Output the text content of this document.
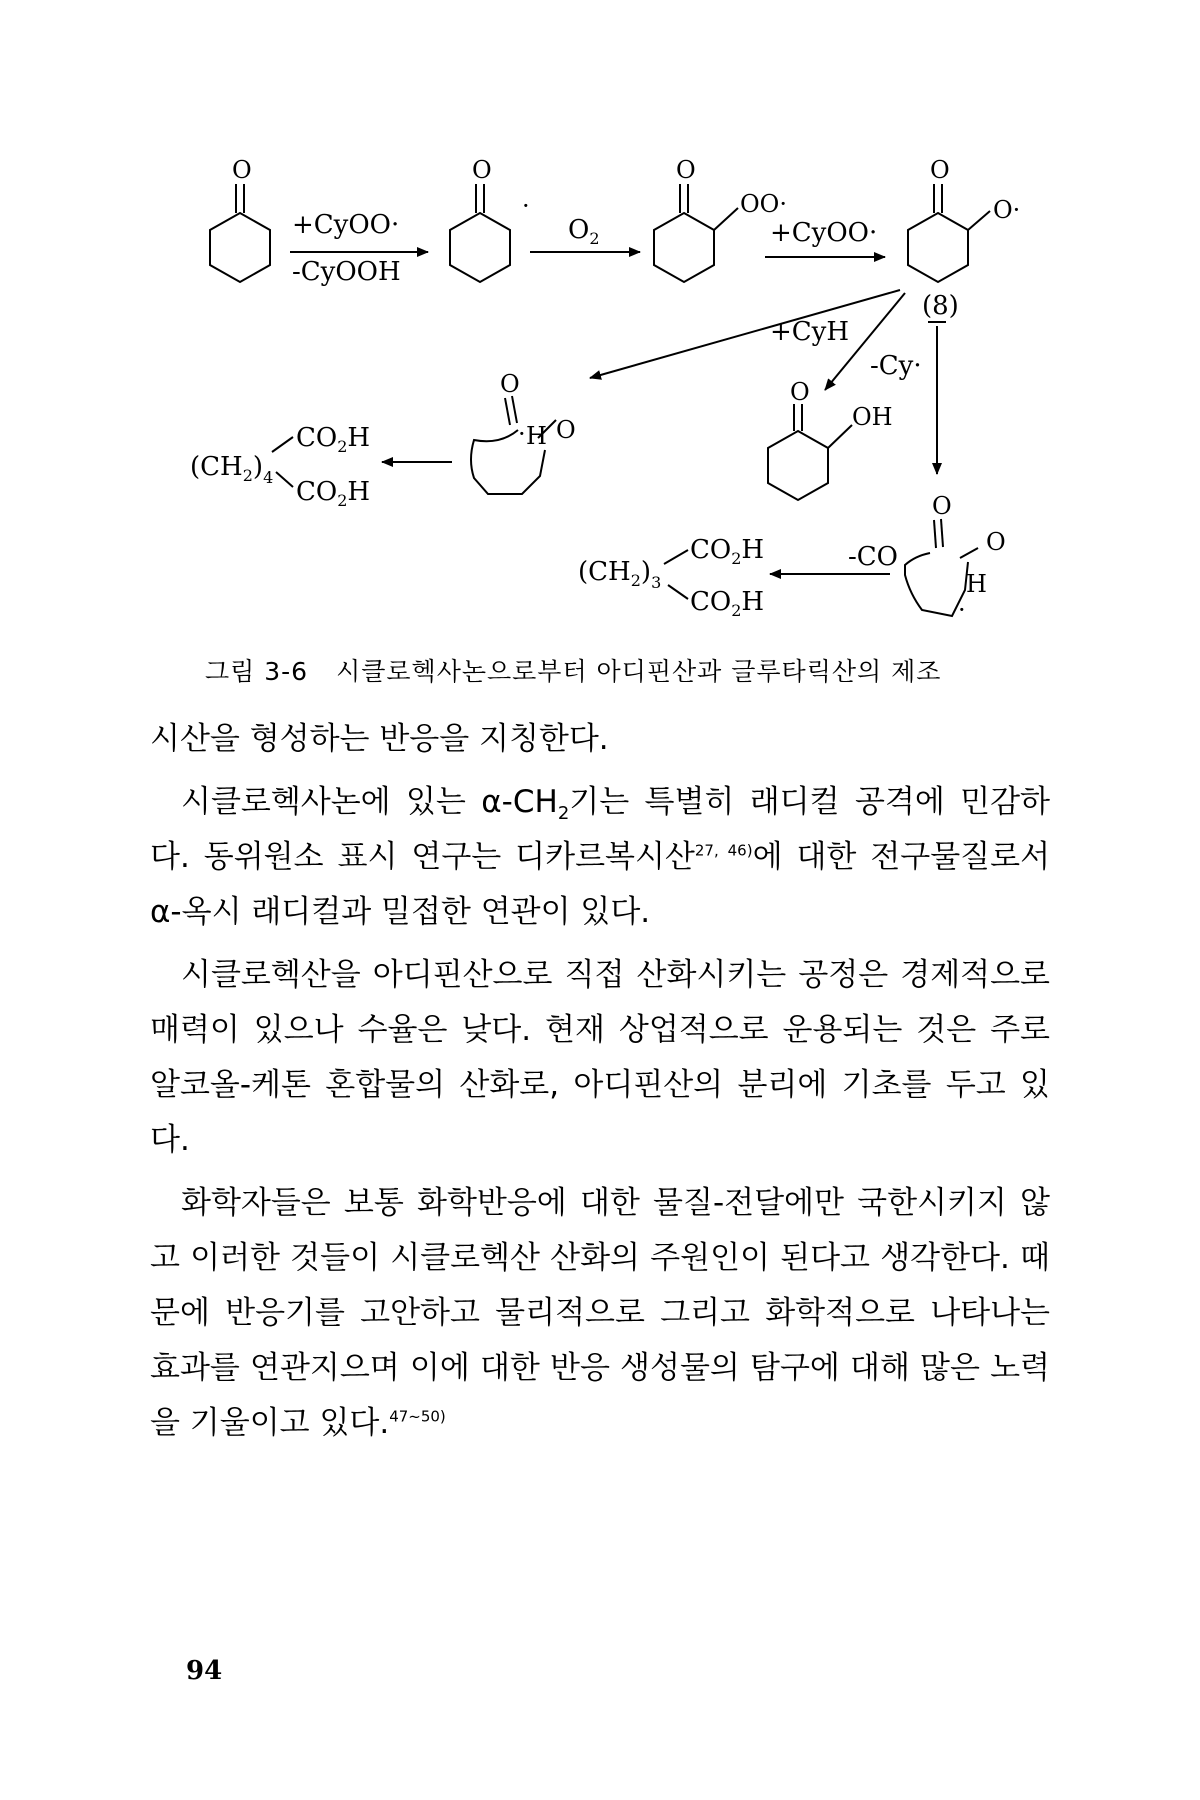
O	O
·
O
OO·
O
O·
+CyOO·
-CyOOH
$O_2$	+CyOO·
(8)
+CyH
-Cy·
O
· H O
O
OH
$(CH_2)_4$
$CO_2H$
$CO_2H$	O
O
H
·
-CO
$(CH_2)_3$
$CO_2H$
$CO_2H$
그림 3-6 시클로헥사논으로부터 아디핀산과 글루타릭산의 제조

시산을 형성하는 반응을 지칭한다.

시클로헥사논에 있는 $\alpha-CH_2$기는 특별히 래디컬 공격에 민감하다. 동위원소 표시 연구는 디카르복시산$^{27, 46)}$에 대한 전구물질로서 α-옥시 래디컬과 밀접한 연관이 있다.

시클로헥산을 아디핀산으로 직접 산화시키는 공정은 경제적으로 매력이 있으나 수율은 낮다. 현재 상업적으로 운용되는 것은 주로 알코올-케톤 혼합물의 산화로, 아디핀산의 분리에 기초를 두고 있다.

화학자들은 보통 화학반응에 대한 물질-전달에만 국한시키지 않고 이러한 것들이 시클로헥산 산화의 주원인이 된다고 생각한다. 때문에 반응기를 고안하고 물리적으로 그리고 화학적으로 나타나는 효과를 연관지으며 이에 대한 반응 생성물의 탐구에 대해 많은 노력을 기울이고 있다.$^{47\sim 50)}$

94
